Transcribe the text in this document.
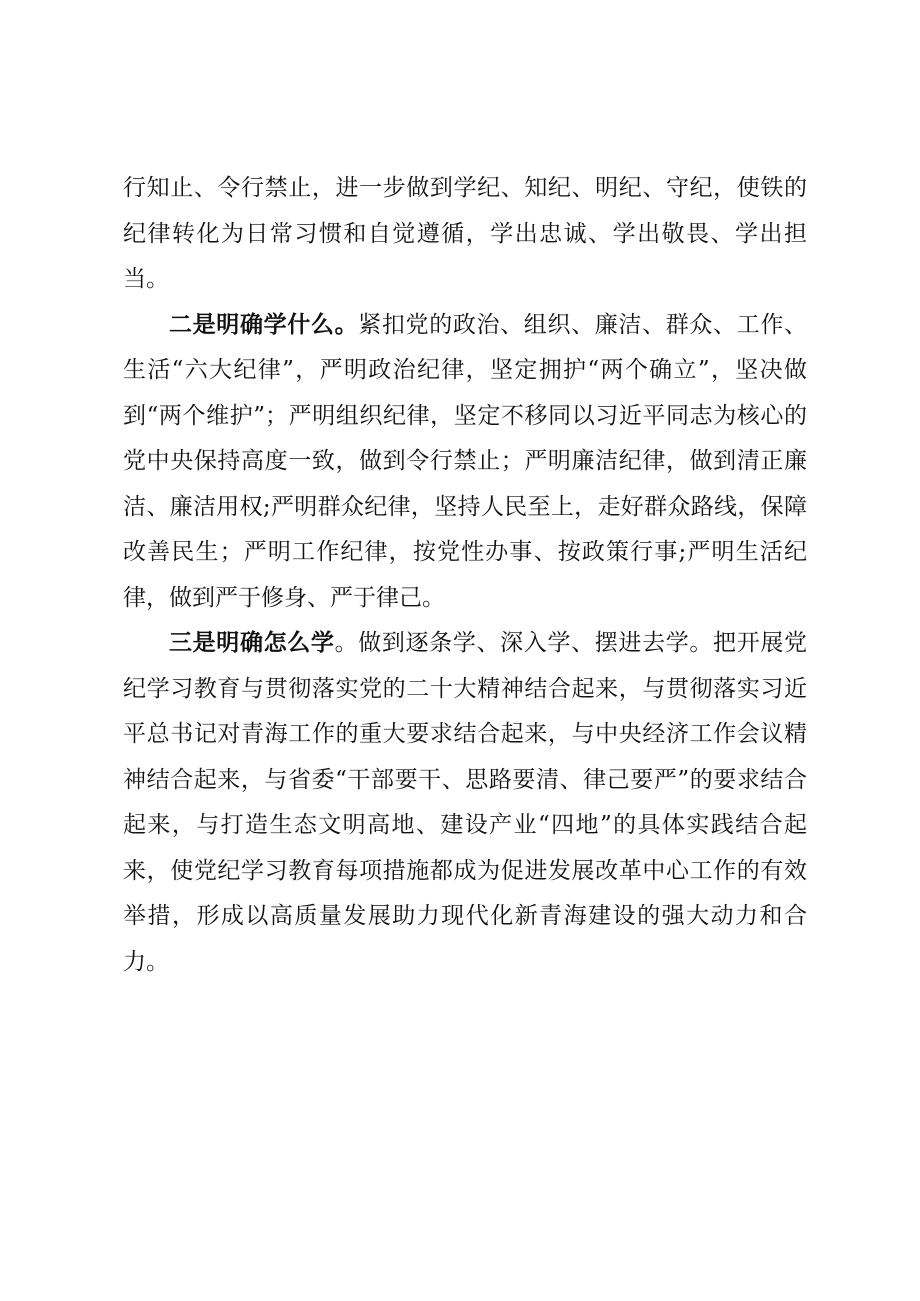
行知止、令行禁止，进一步做到学纪、知纪、明纪、守纪，使铁的纪律转化为日常习惯和自觉遵循，学出忠诚、学出敬畏、学出担当。

二是明确学什么。紧扣党的政治、组织、廉洁、群众、工作、生活“六大纪律”，严明政治纪律，坚定拥护“两个确立”，坚决做到“两个维护”；严明组织纪律，坚定不移同以习近平同志为核心的党中央保持高度一致，做到令行禁止；严明廉洁纪律，做到清正廉洁、廉洁用权;严明群众纪律，坚持人民至上，走好群众路线，保障改善民生；严明工作纪律，按党性办事、按政策行事;严明生活纪律，做到严于修身、严于律己。

三是明确怎么学。做到逐条学、深入学、摆进去学。把开展党纪学习教育与贯彻落实党的二十大精神结合起来，与贯彻落实习近平总书记对青海工作的重大要求结合起来，与中央经济工作会议精神结合起来，与省委“干部要干、思路要清、律己要严”的要求结合起来，与打造生态文明高地、建设产业“四地”的具体实践结合起来，使党纪学习教育每项措施都成为促进发展改革中心工作的有效举措，形成以高质量发展助力现代化新青海建设的强大动力和合力。
